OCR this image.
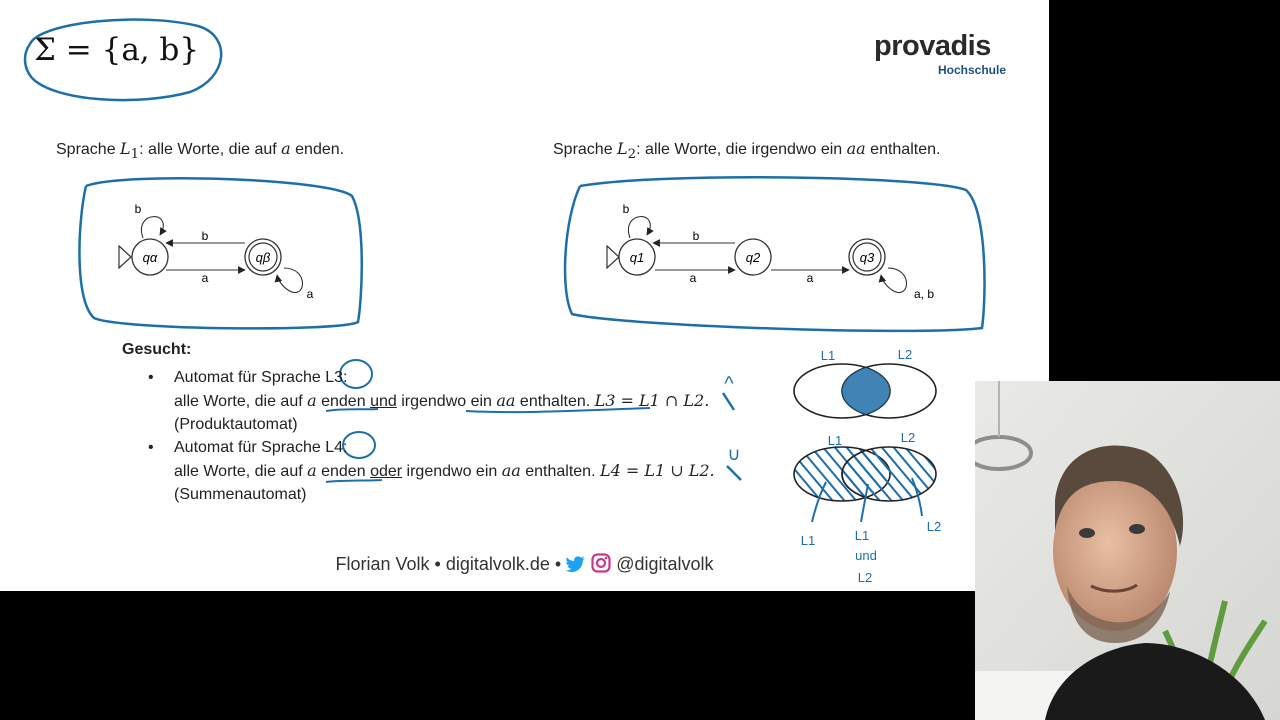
Σ = {a, b}	provadis
Hochschule
Sprache $L_1$: alle Worte, die auf a enden.	Sprache $L_2$: alle Worte, die irgendwo ein aa enthalten.
qα	qβ
b
b
a
a
q1	q2	q3
b
b
a	a
a, b
^
∪
L1	L2
L1	L2
L1	L1
und
L2
L2
Gesucht:
• Automat für Sprache L3:
alle Worte, die auf a enden und irgendwo ein aa enthalten. L3 = L1 ∩ L2.
(Produktautomat)
• Automat für Sprache L4:
alle Worte, die auf a enden oder irgendwo ein aa enthalten. L4 = L1 ∪ L2.
(Summenautomat)
Florian Volk • digitalvolk.de •	@digitalvolk
